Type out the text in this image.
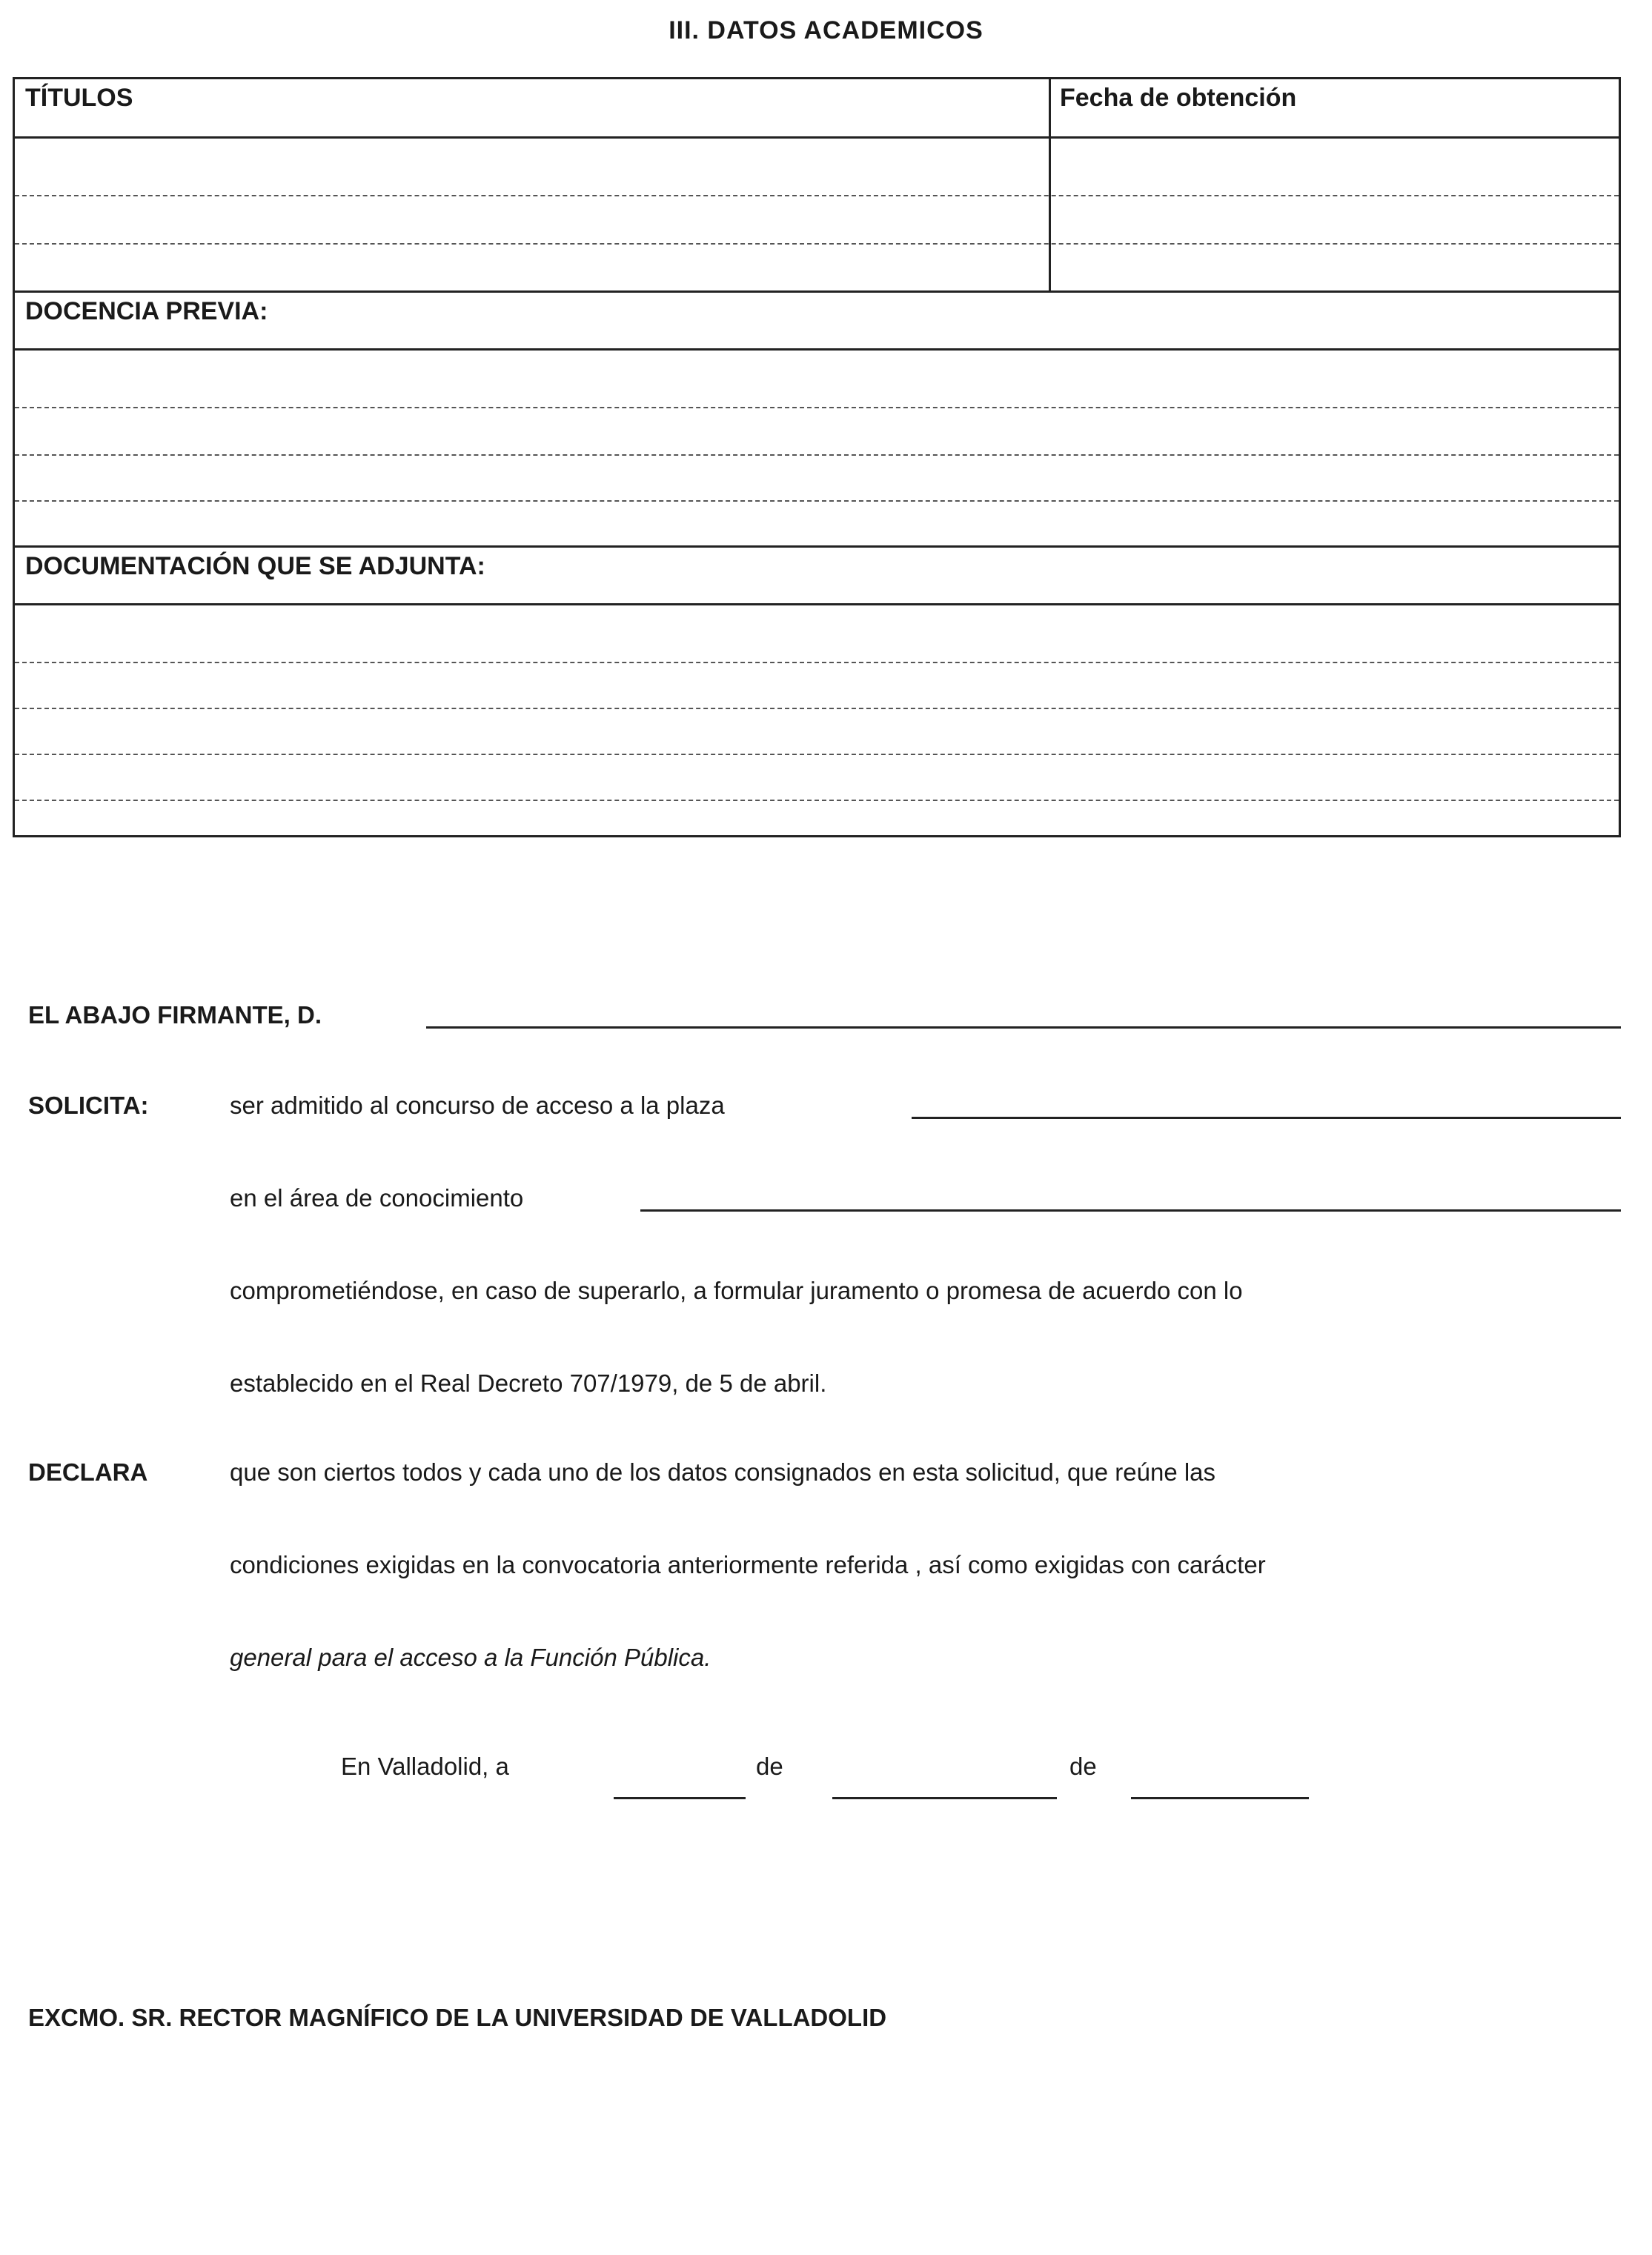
III. DATOS ACADEMICOS
TÍTULOS	Fecha de obtención
DOCENCIA PREVIA:
DOCUMENTACIÓN QUE SE ADJUNTA:
EL ABAJO FIRMANTE, D.
SOLICITA:	ser admitido al concurso de acceso a la plaza
en el área de conocimiento
comprometiéndose, en caso de superarlo, a formular juramento o promesa de acuerdo con lo
establecido en el Real Decreto 707/1979, de 5 de abril.
DECLARA	que son ciertos todos y cada uno de los datos consignados en esta solicitud, que reúne las
condiciones exigidas en la convocatoria anteriormente referida , así como exigidas con carácter
general para el acceso a la Función Pública.
En Valladolid, a	de	de
EXCMO. SR. RECTOR MAGNÍFICO DE LA UNIVERSIDAD DE VALLADOLID
